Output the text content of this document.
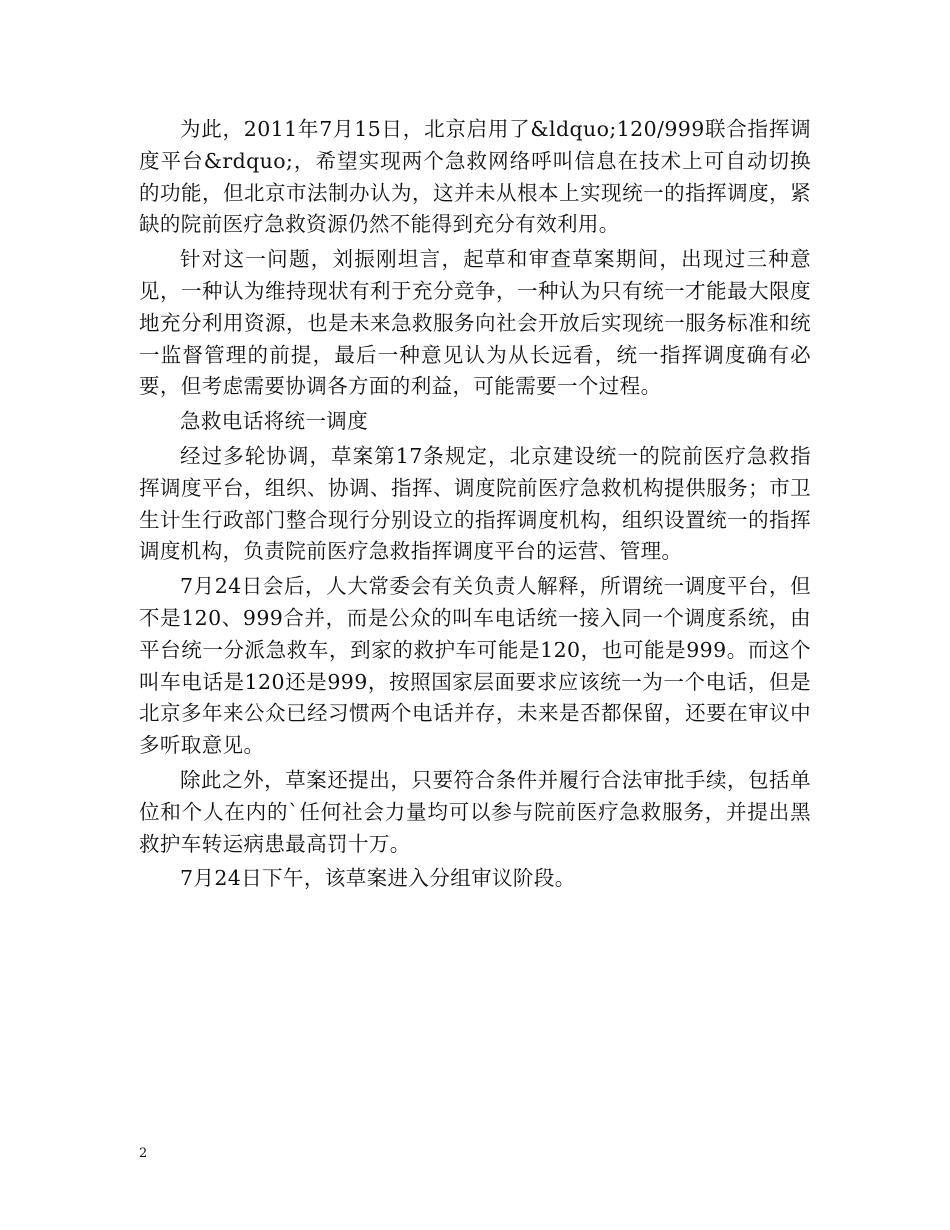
为此，2011年7月15日，北京启用了&ldquo;120/999联合指挥调度平台&rdquo;，希望实现两个急救网络呼叫信息在技术上可自动切换的功能，但北京市法制办认为，这并未从根本上实现统一的指挥调度，紧缺的院前医疗急救资源仍然不能得到充分有效利用。

针对这一问题，刘振刚坦言，起草和审查草案期间，出现过三种意见，一种认为维持现状有利于充分竞争，一种认为只有统一才能最大限度地充分利用资源，也是未来急救服务向社会开放后实现统一服务标准和统一监督管理的前提，最后一种意见认为从长远看，统一指挥调度确有必要，但考虑需要协调各方面的利益，可能需要一个过程。

急救电话将统一调度

经过多轮协调，草案第17条规定，北京建设统一的院前医疗急救指挥调度平台，组织、协调、指挥、调度院前医疗急救机构提供服务；市卫生计生行政部门整合现行分别设立的指挥调度机构，组织设置统一的指挥调度机构，负责院前医疗急救指挥调度平台的运营、管理。

7月24日会后，人大常委会有关负责人解释，所谓统一调度平台，但不是120、999合并，而是公众的叫车电话统一接入同一个调度系统，由平台统一分派急救车，到家的救护车可能是120，也可能是999。而这个叫车电话是120还是999，按照国家层面要求应该统一为一个电话，但是北京多年来公众已经习惯两个电话并存，未来是否都保留，还要在审议中多听取意见。

除此之外，草案还提出，只要符合条件并履行合法审批手续，包括单位和个人在内的`任何社会力量均可以参与院前医疗急救服务，并提出黑救护车转运病患最高罚十万。

7月24日下午，该草案进入分组审议阶段。

2
